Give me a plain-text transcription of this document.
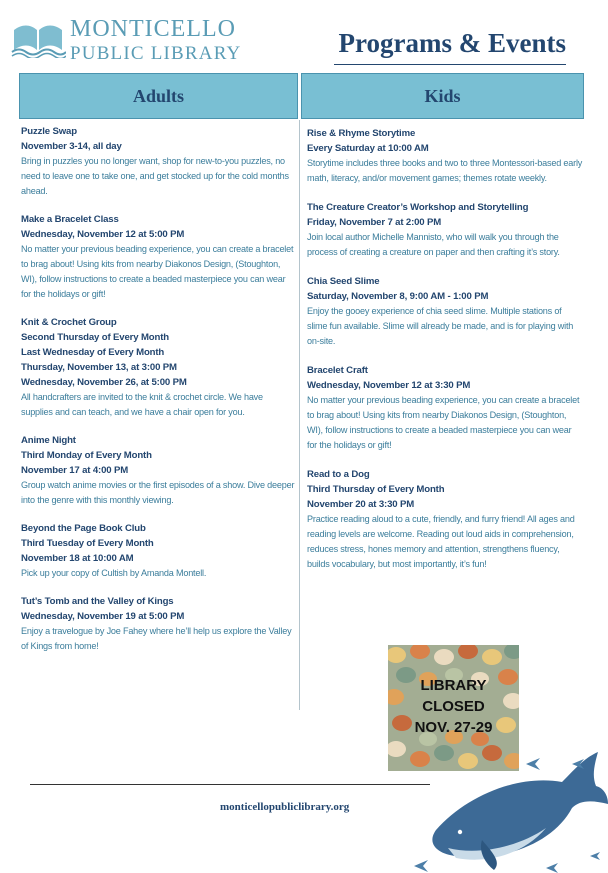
MONTICELLO
PUBLIC LIBRARY	Programs & Events
Adults	Kids
Puzzle Swap
November 3-14, all day
Bring in puzzles you no longer want, shop for new-to-you puzzles, no need to leave one to take one, and get stocked up for the cold months ahead.
Make a Bracelet Class
Wednesday, November 12 at 5:00 PM
No matter your previous beading experience, you can create a bracelet to brag about! Using kits from nearby Diakonos Design, (Stoughton, WI), follow instructions to create a beaded masterpiece you can wear for the holidays or gift!
Knit & Crochet Group
Second Thursday of Every Month
Last Wednesday of Every Month
Thursday, November 13, at 3:00 PM
Wednesday, November 26, at 5:00 PM
All handcrafters are invited to the knit & crochet circle. We have supplies and can teach, and we have a chair open for you.
Anime Night
Third Monday of Every Month
November 17 at 4:00 PM
Group watch anime movies or the first episodes of a show. Dive deeper into the genre with this monthly viewing.
Beyond the Page Book Club
Third Tuesday of Every Month
November 18 at 10:00 AM
Pick up your copy of Cultish by Amanda Montell.
Tut’s Tomb and the Valley of Kings
Wednesday, November 19 at 5:00 PM
Enjoy a travelogue by Joe Fahey where he’ll help us explore the Valley of Kings from home!
Rise & Rhyme Storytime
Every Saturday at 10:00 AM
Storytime includes three books and two to three Montessori-based early math, literacy, and/or movement games; themes rotate weekly.
The Creature Creator’s Workshop and Storytelling
Friday, November 7 at 2:00 PM
Join local author Michelle Mannisto, who will walk you through the process of creating a creature on paper and then crafting it’s story.
Chia Seed Slime
Saturday, November 8, 9:00 AM - 1:00 PM
Enjoy the gooey experience of chia seed slime. Multiple stations of slime fun available. Slime will already be made, and is for playing with on-site.
Bracelet Craft
Wednesday, November 12 at 3:30 PM
No matter your previous beading experience, you can create a bracelet to brag about! Using kits from nearby Diakonos Design, (Stoughton, WI), follow instructions to create a beaded masterpiece you can wear for the holidays or gift!
Read to a Dog
Third Thursday of Every Month
November 20 at 3:30 PM
Practice reading aloud to a cute, friendly, and furry friend! All ages and reading levels are welcome. Reading out loud aids in comprehension, reduces stress, hones memory and attention, strengthens fluency, builds vocabulary, but most importantly, it’s fun!
LIBRARY
CLOSED
NOV. 27-29
monticellopubliclibrary.org
